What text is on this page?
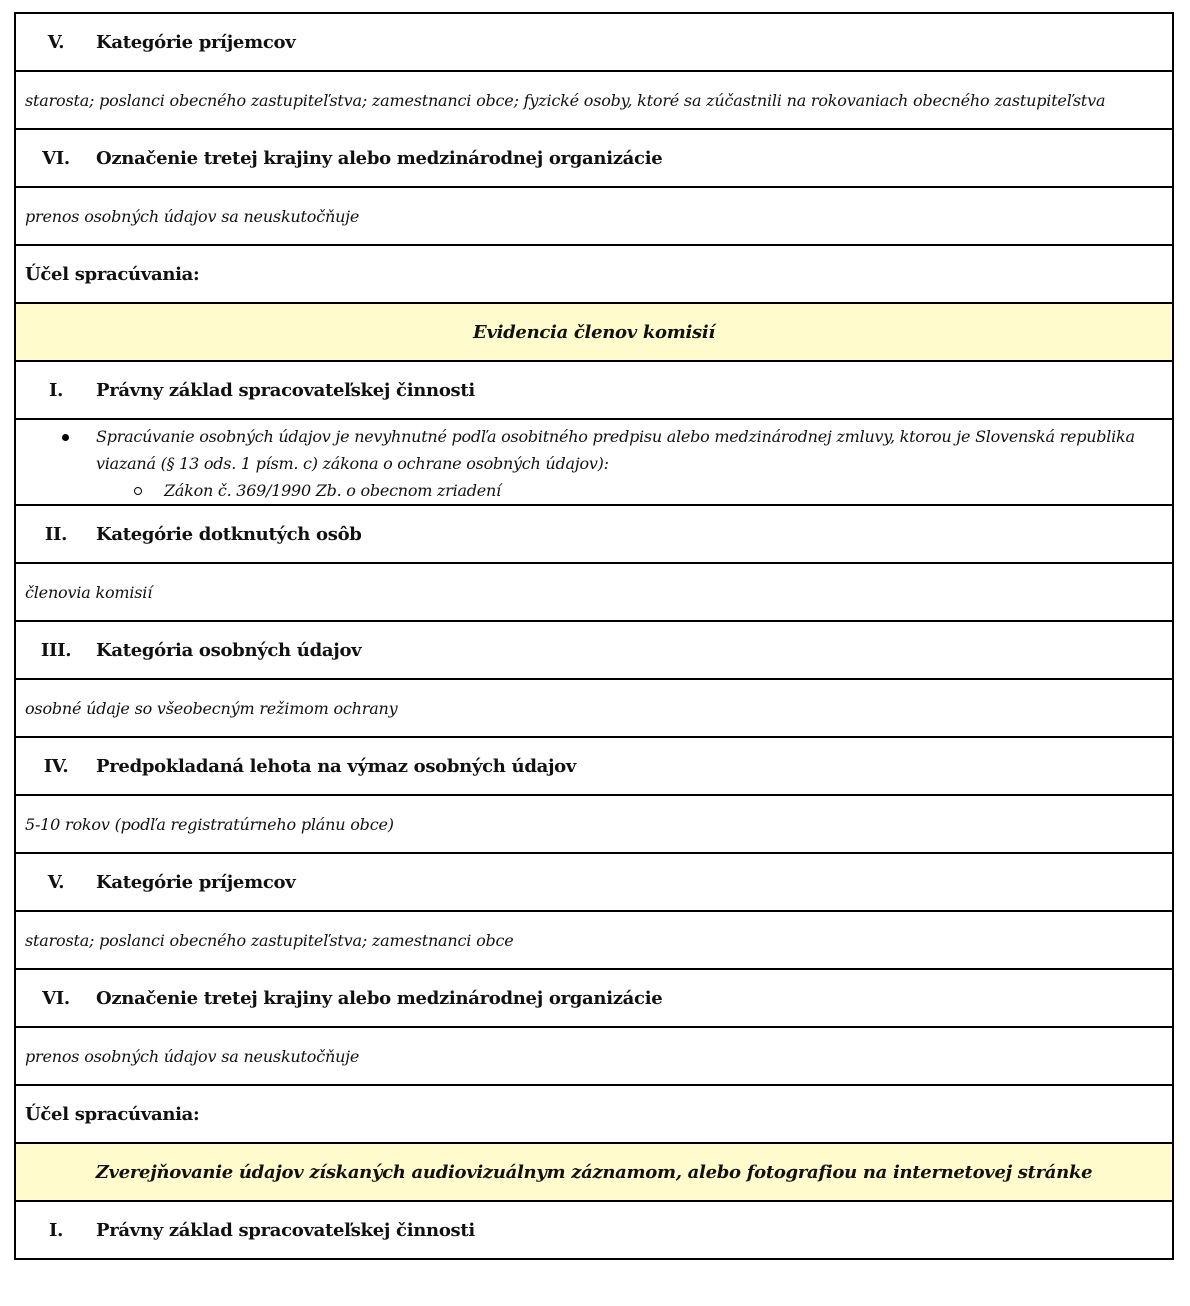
V.	Kategórie príjemcov

starosta; poslanci obecného zastupiteľstva; zamestnanci obce; fyzické osoby, ktoré sa zúčastnili na rokovaniach obecného zastupiteľstva

VI.	Označenie tretej krajiny alebo medzinárodnej organizácie

prenos osobných údajov sa neuskutočňuje

Účel spracúvania:

Evidencia členov komisií

I.	Právny základ spracovateľskej činnosti

Spracúvanie osobných údajov je nevyhnutné podľa osobitného predpisu alebo medzinárodnej zmluvy, ktorou je Slovenská republika viazaná (§ 13 ods. 1 písm. c) zákona o ochrane osobných údajov):
Zákon č. 369/1990 Zb. o obecnom zriadení

II.	Kategórie dotknutých osôb

členovia komisií

III.	Kategória osobných údajov

osobné údaje so všeobecným režimom ochrany

IV.	Predpokladaná lehota na výmaz osobných údajov

5-10 rokov (podľa registratúrneho plánu obce)

V.	Kategórie príjemcov

starosta; poslanci obecného zastupiteľstva; zamestnanci obce

VI.	Označenie tretej krajiny alebo medzinárodnej organizácie

prenos osobných údajov sa neuskutočňuje

Účel spracúvania:

Zverejňovanie údajov získaných audiovizuálnym záznamom, alebo fotografiou na internetovej stránke

I.	Právny základ spracovateľskej činnosti
